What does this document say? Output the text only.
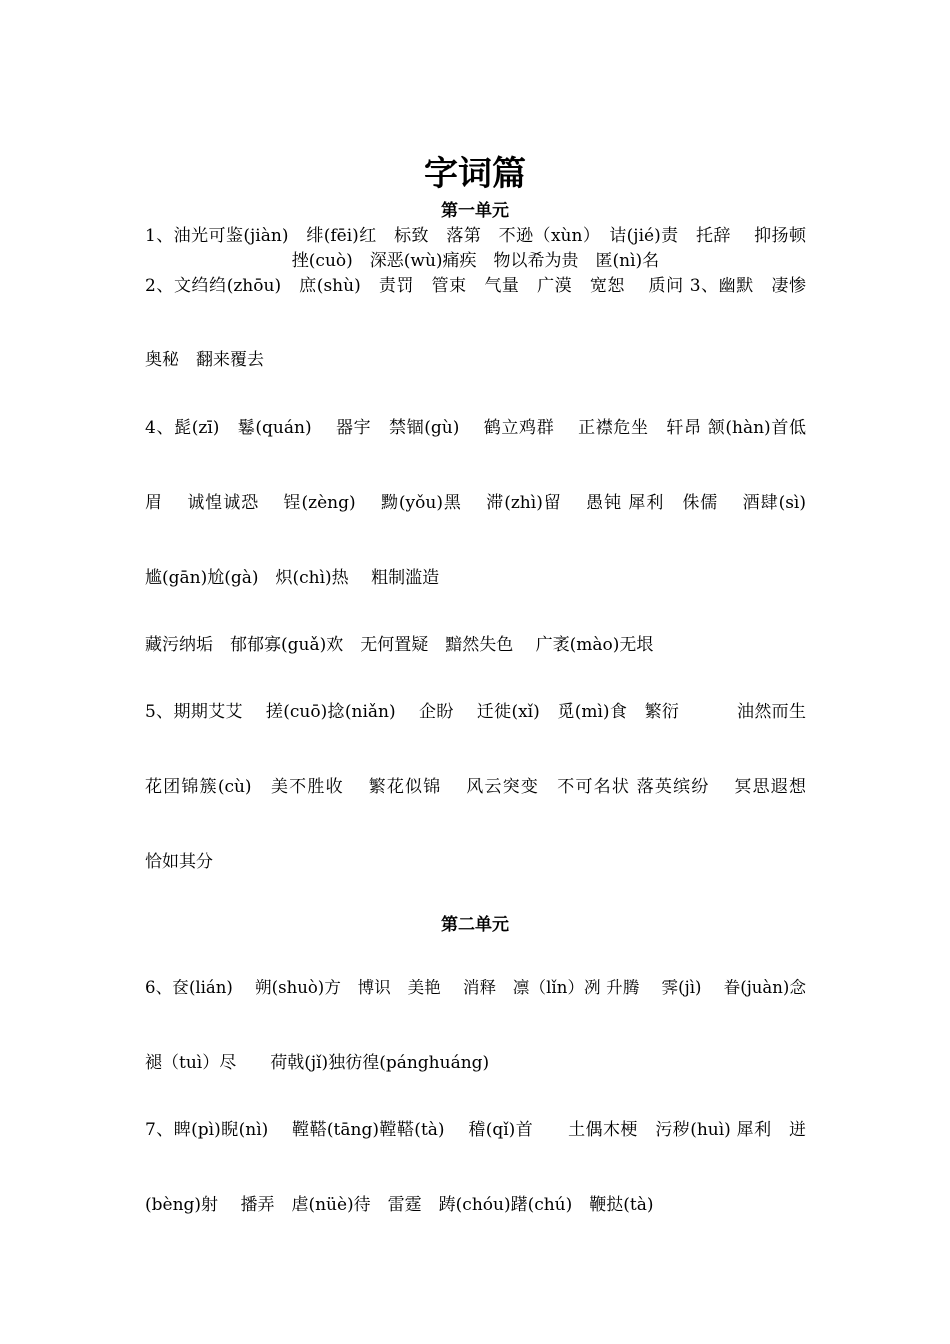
字词篇
第一单元
1、油光可鉴(jiàn)　绯(fēi)红　标致　落第　不逊（xùn）　诘(jié)责　托辞　 抑扬顿
挫(cuò)　深恶(wù)痛疾　物以希为贵　匿(nì)名
2、文绉绉(zhōu)　庶(shù)　责罚　管束　气量　广漠　宽恕　 质问 3、幽默　凄惨
奥秘　翻来覆去
4、髭(zī)　鬈(quán)　 器宇　禁锢(gù)　 鹤立鸡群　 正襟危坐　轩昂 颔(hàn)首低
眉　 诚惶诚恐　 锃(zèng)　 黝(yǒu)黑　 滞(zhì)留　 愚钝 犀利　侏儒　 酒肆(sì)
尴(gān)尬(gà)　炽(chì)热　 粗制滥造
藏污纳垢　郁郁寡(guǎ)欢　无何置疑　黯然失色　 广袤(mào)无垠
5、期期艾艾　 搓(cuō)捻(niǎn)　 企盼　 迁徙(xǐ)　觅(mì)食　繁衍　 　　油然而生
花团锦簇(cù)　美不胜收　 繁花似锦　 风云突变　不可名状 落英缤纷　 冥思遐想
恰如其分
第二单元
6、奁(lián)　 朔(shuò)方　博识　美艳　 消释　凛（lǐn）冽 升腾　 霁(jì)　 眷(juàn)念
褪（tuì）尽　　荷戟(jǐ)独彷徨(pánghuáng)
7、睥(pì)睨(nì)　 鞺鞳(tāng)鞺鞳(tà)　 稽(qǐ)首　　土偶木梗　污秽(huì) 犀利　迸
(bèng)射　 播弄　虐(nüè)待　雷霆　踌(chóu)躇(chú)　鞭挞(tà)
